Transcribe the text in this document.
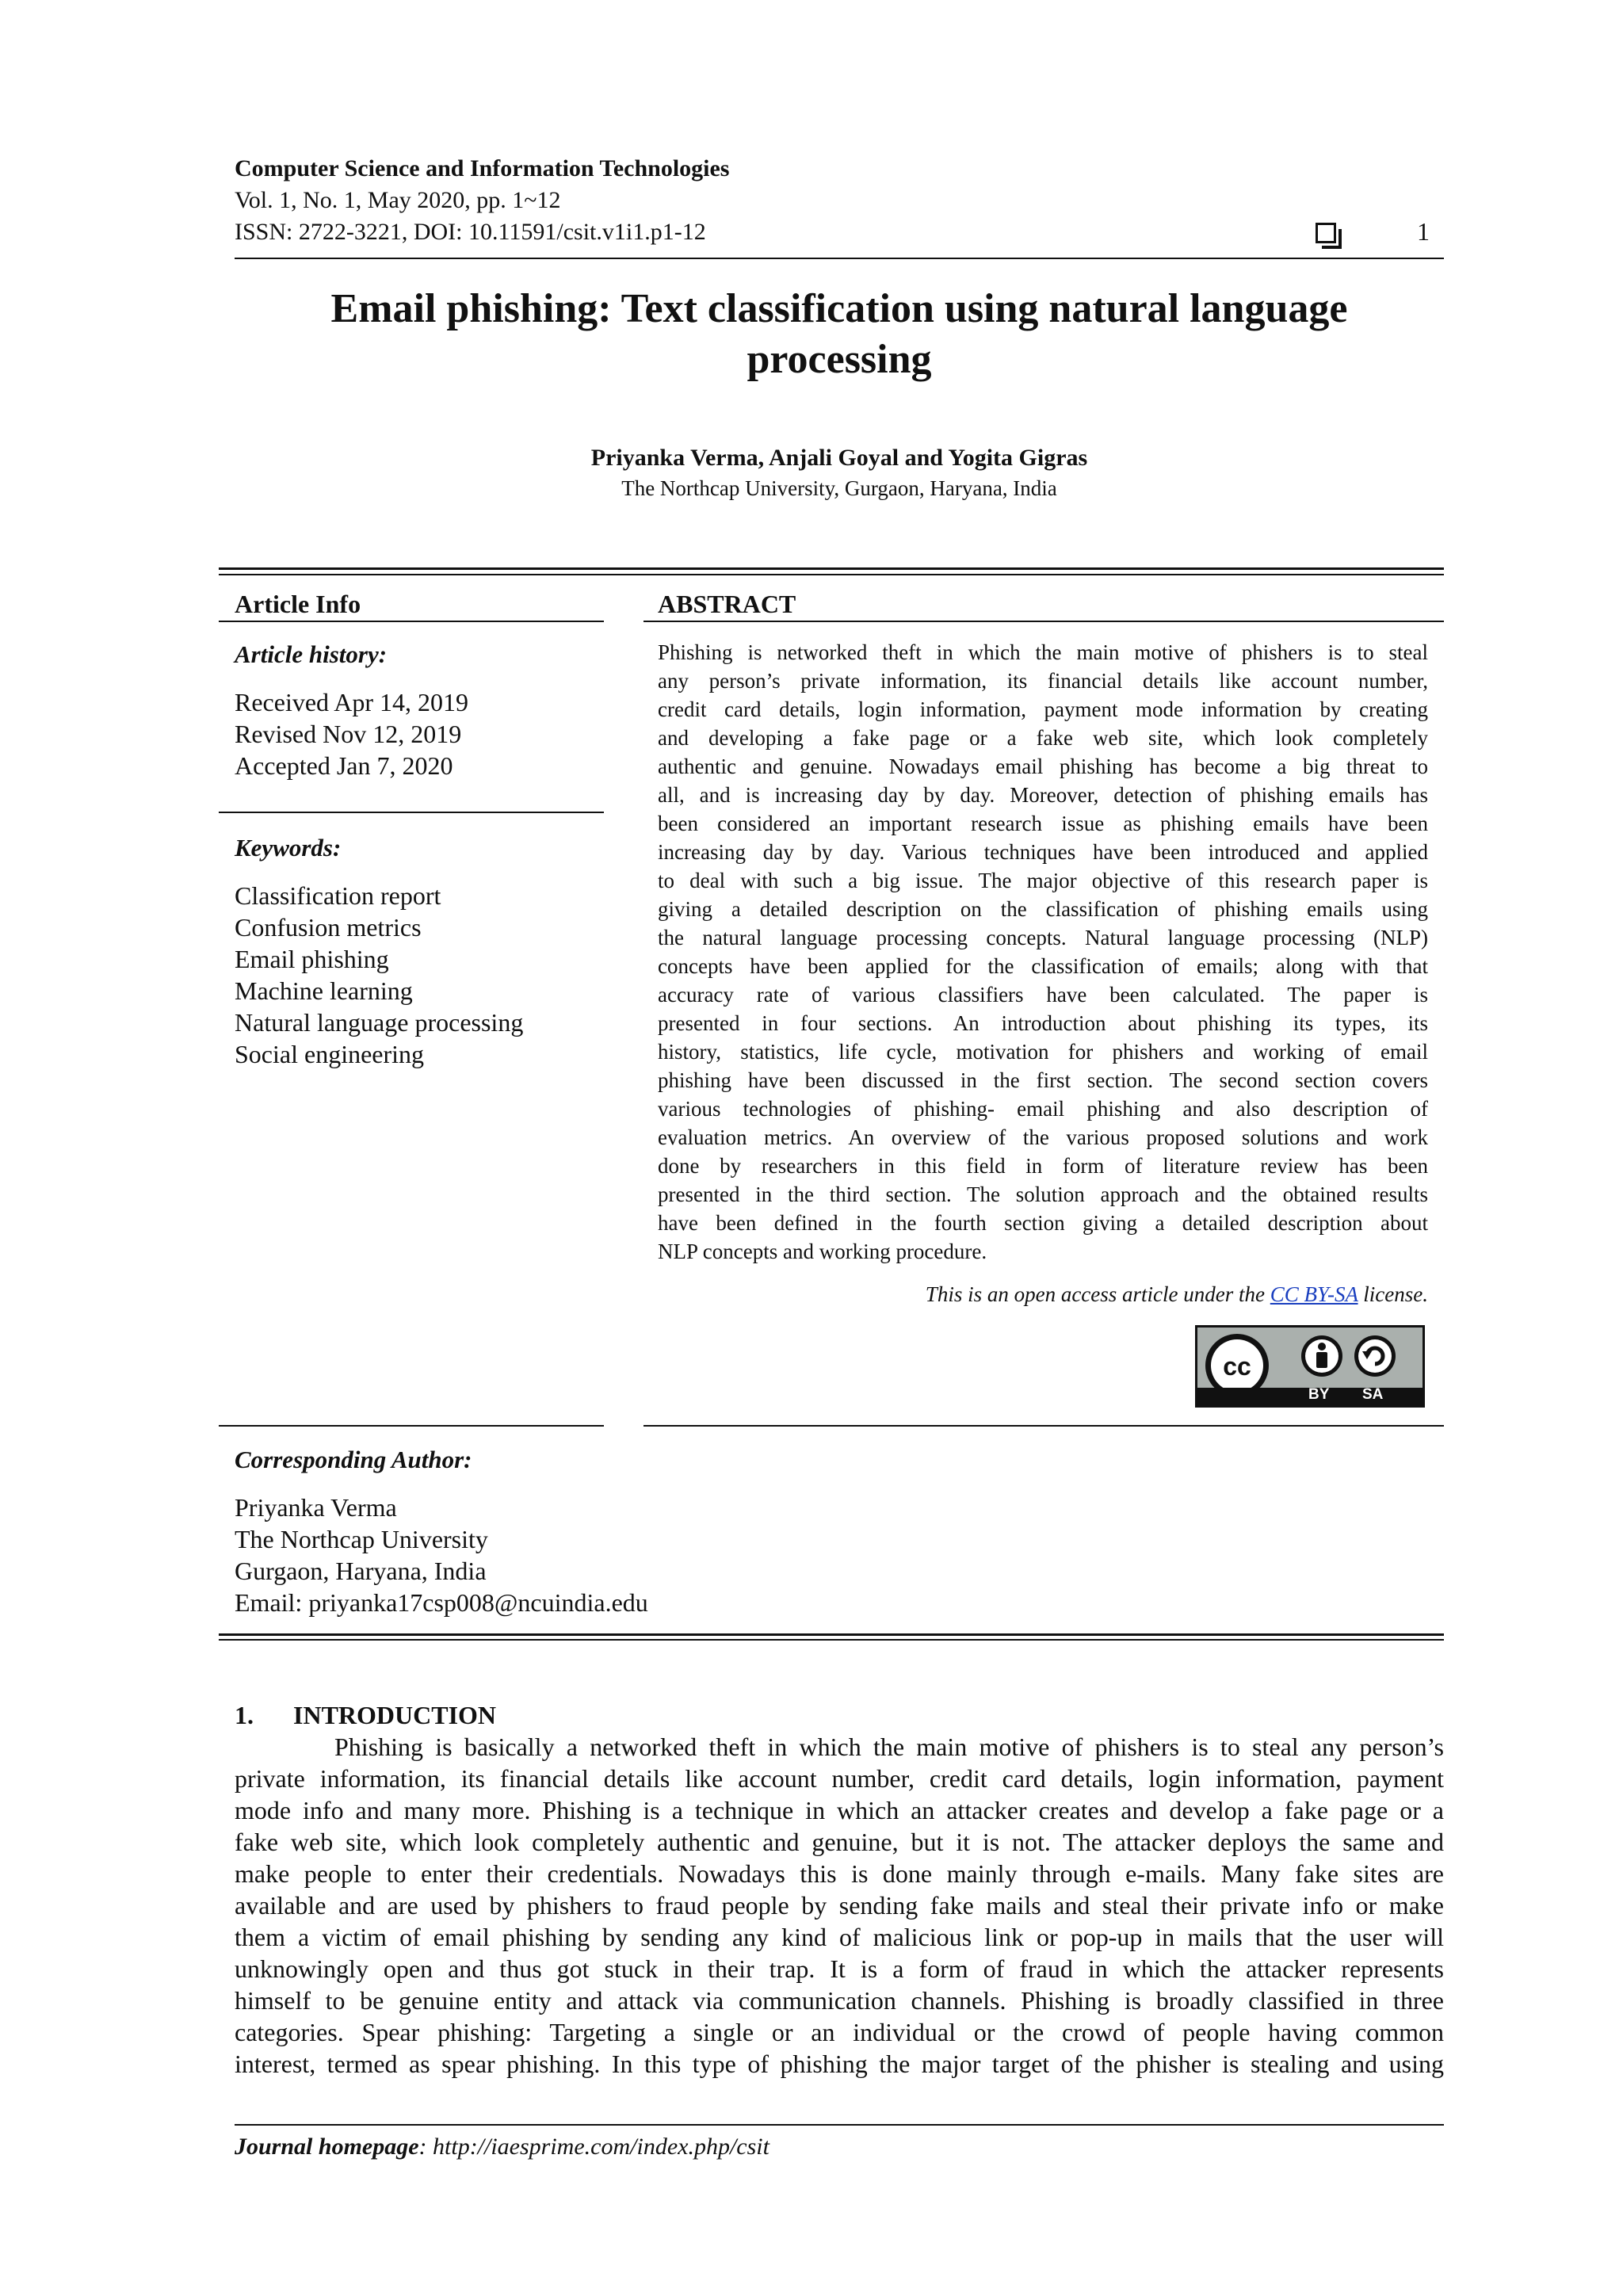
Computer Science and Information Technologies
Vol. 1, No. 1, May 2020, pp. 1~12
ISSN: 2722-3221, DOI: 10.11591/csit.v1i1.p1-12	1
Email phishing: Text classification using natural language
processing
Priyanka Verma, Anjali Goyal and Yogita Gigras
The Northcap University, Gurgaon, Haryana, India
Article Info
Article history:
Received Apr 14, 2019
Revised Nov 12, 2019
Accepted Jan 7, 2020
Keywords:
Classification report
Confusion metrics
Email phishing
Machine learning
Natural language processing
Social engineering
ABSTRACT
Phishing is networked theft in which the main motive of phishers is to steal
any person’s private information, its financial details like account number,
credit card details, login information, payment mode information by creating
and developing a fake page or a fake web site, which look completely
authentic and genuine. Nowadays email phishing has become a big threat to
all, and is increasing day by day. Moreover, detection of phishing emails has
been considered an important research issue as phishing emails have been
increasing day by day. Various techniques have been introduced and applied
to deal with such a big issue. The major objective of this research paper is
giving a detailed description on the classification of phishing emails using
the natural language processing concepts. Natural language processing (NLP)
concepts have been applied for the classification of emails; along with that
accuracy rate of various classifiers have been calculated. The paper is
presented in four sections. An introduction about phishing its types, its
history, statistics, life cycle, motivation for phishers and working of email
phishing have been discussed in the first section. The second section covers
various technologies of phishing- email phishing and also description of
evaluation metrics. An overview of the various proposed solutions and work
done by researchers in this field in form of literature review has been
presented in the third section. The solution approach and the obtained results
have been defined in the fourth section giving a detailed description about
NLP concepts and working procedure.
This is an open access article under the CC BY-SA license.
cc
BY SA
Corresponding Author:
Priyanka Verma
The Northcap University
Gurgaon, Haryana, India
Email: priyanka17csp008@ncuindia.edu
1. INTRODUCTION
Phishing is basically a networked theft in which the main motive of phishers is to steal any person’s
private information, its financial details like account number, credit card details, login information, payment
mode info and many more. Phishing is a technique in which an attacker creates and develop a fake page or a
fake web site, which look completely authentic and genuine, but it is not. The attacker deploys the same and
make people to enter their credentials. Nowadays this is done mainly through e-mails. Many fake sites are
available and are used by phishers to fraud people by sending fake mails and steal their private info or make
them a victim of email phishing by sending any kind of malicious link or pop-up in mails that the user will
unknowingly open and thus got stuck in their trap. It is a form of fraud in which the attacker represents
himself to be genuine entity and attack via communication channels. Phishing is broadly classified in three
categories. Spear phishing: Targeting a single or an individual or the crowd of people having common
interest, termed as spear phishing. In this type of phishing the major target of the phisher is stealing and using
Journal homepage: http://iaesprime.com/index.php/csit
